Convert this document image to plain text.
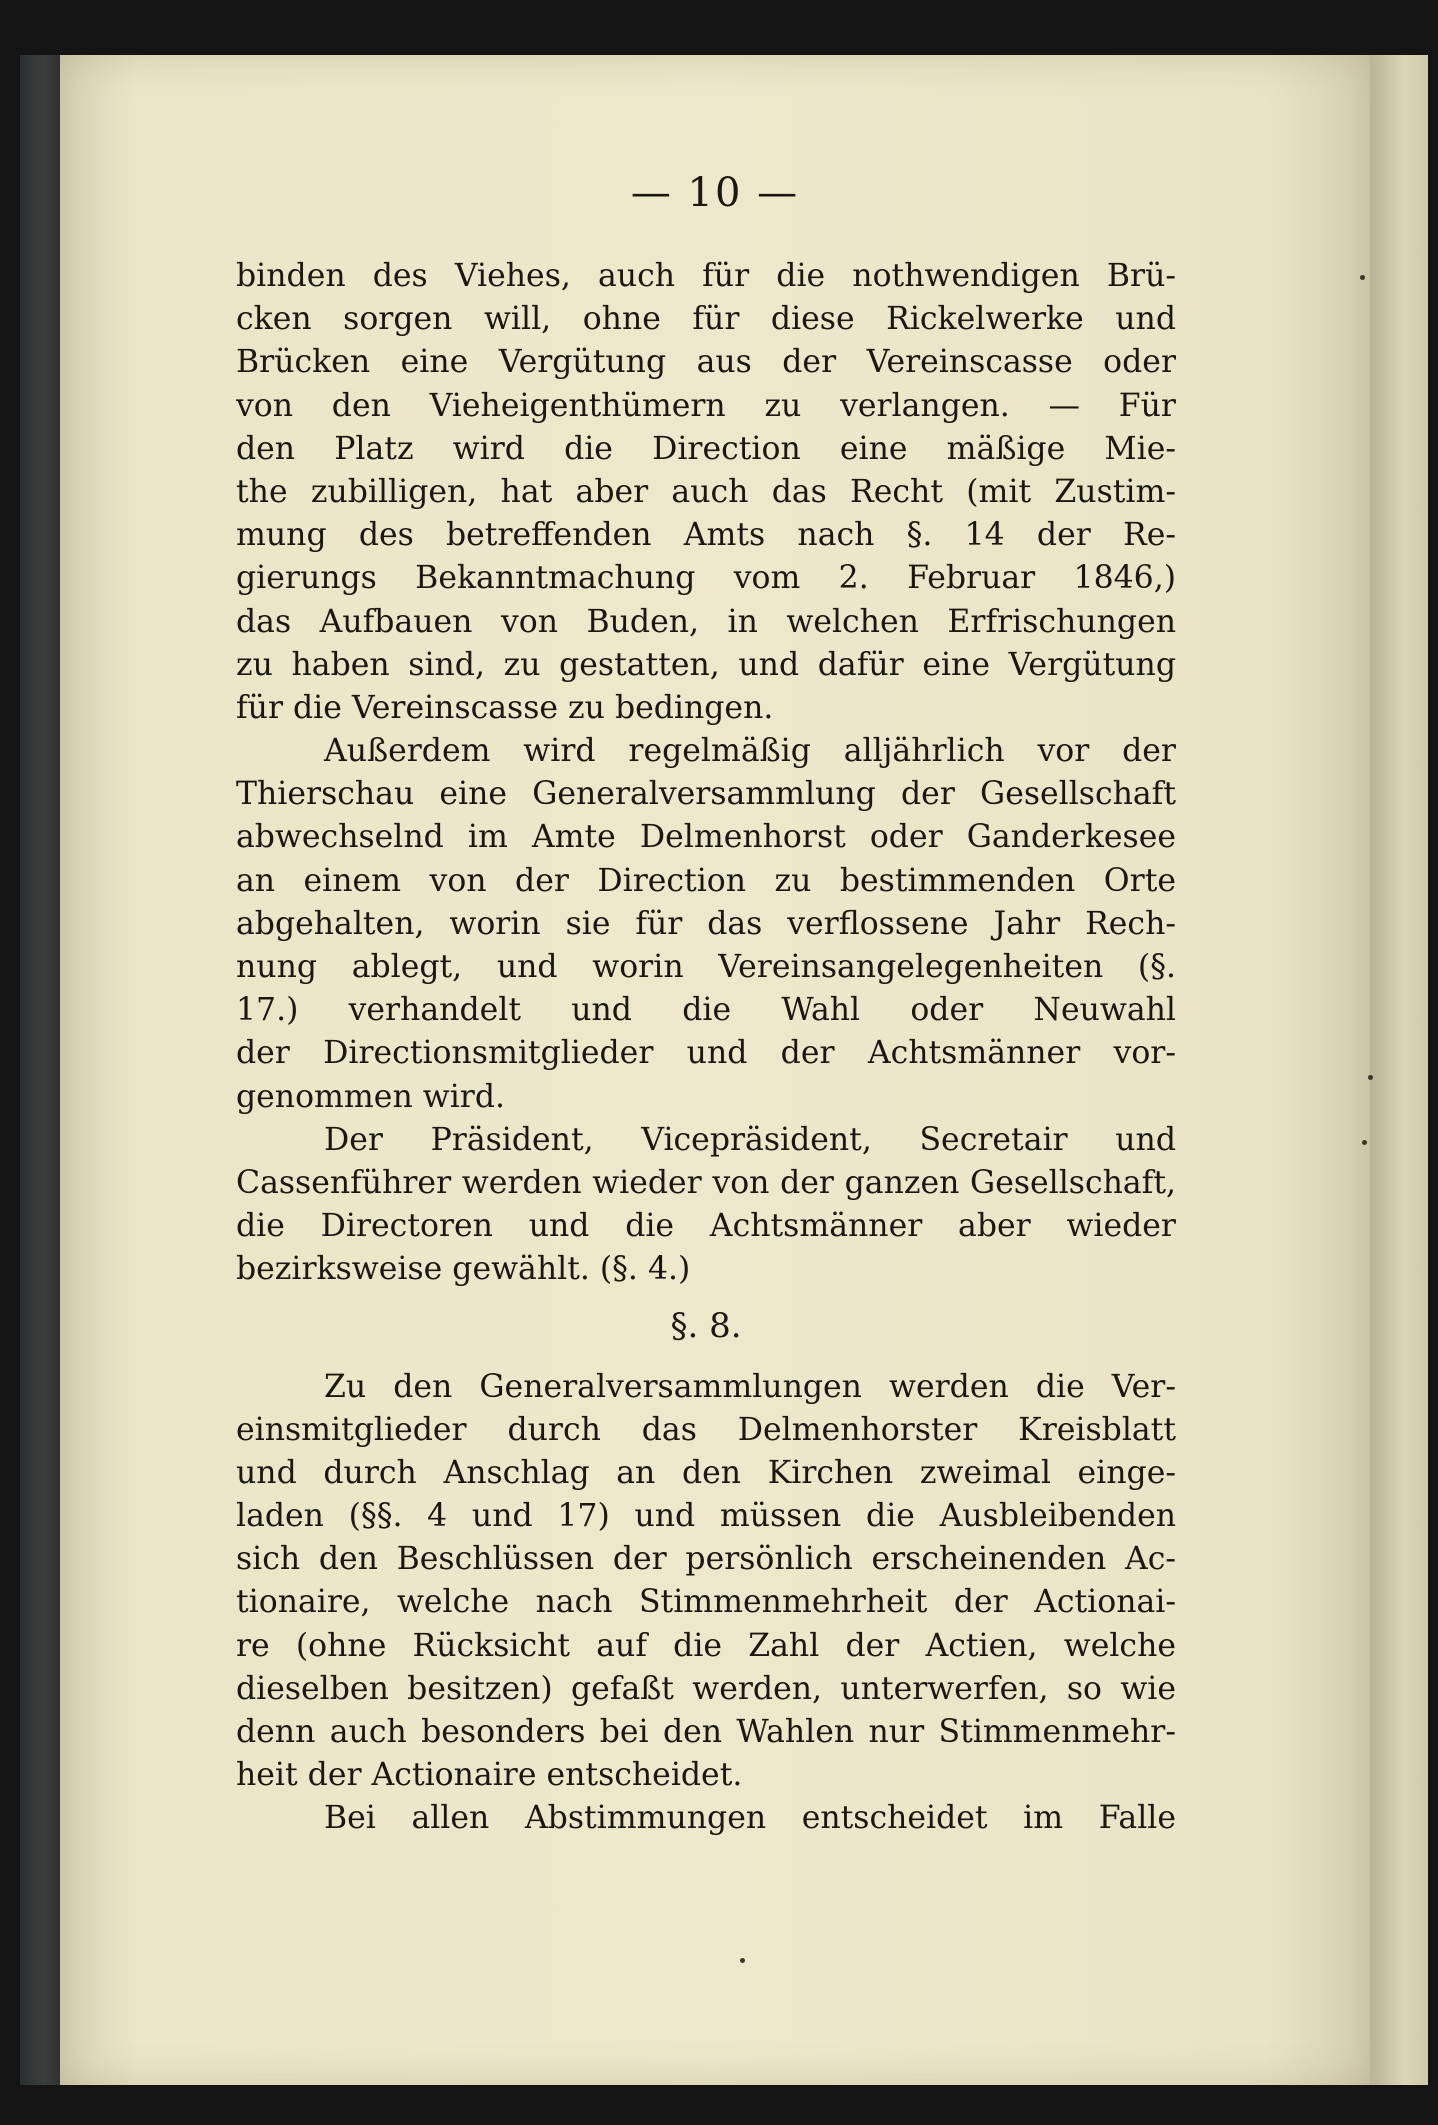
— 10 —
binden des Viehes, auch für die nothwendigen Brü-
cken sorgen will, ohne für diese Rickelwerke und
Brücken eine Vergütung aus der Vereinscasse oder
von den Vieheigenthümern zu verlangen. — Für
den Platz wird die Direction eine mäßige Mie-
the zubilligen, hat aber auch das Recht (mit Zustim-
mung des betreffenden Amts nach §. 14 der Re-
gierungs Bekanntmachung vom 2. Februar 1846,)
das Aufbauen von Buden, in welchen Erfrischungen
zu haben sind, zu gestatten, und dafür eine Vergütung
für die Vereinscasse zu bedingen.
Außerdem wird regelmäßig alljährlich vor der
Thierschau eine Generalversammlung der Gesellschaft
abwechselnd im Amte Delmenhorst oder Ganderkesee
an einem von der Direction zu bestimmenden Orte
abgehalten, worin sie für das verflossene Jahr Rech-
nung ablegt, und worin Vereinsangelegenheiten (§.
17.) verhandelt und die Wahl oder Neuwahl
der Directionsmitglieder und der Achtsmänner vor-
genommen wird.
Der Präsident, Vicepräsident, Secretair und
Cassenführer werden wieder von der ganzen Gesellschaft,
die Directoren und die Achtsmänner aber wieder
bezirksweise gewählt. (§. 4.)
§. 8.
Zu den Generalversammlungen werden die Ver-
einsmitglieder durch das Delmenhorster Kreisblatt
und durch Anschlag an den Kirchen zweimal einge-
laden (§§. 4 und 17) und müssen die Ausbleibenden
sich den Beschlüssen der persönlich erscheinenden Ac-
tionaire, welche nach Stimmenmehrheit der Actionai-
re (ohne Rücksicht auf die Zahl der Actien, welche
dieselben besitzen) gefaßt werden, unterwerfen, so wie
denn auch besonders bei den Wahlen nur Stimmenmehr-
heit der Actionaire entscheidet.
Bei allen Abstimmungen entscheidet im Falle
